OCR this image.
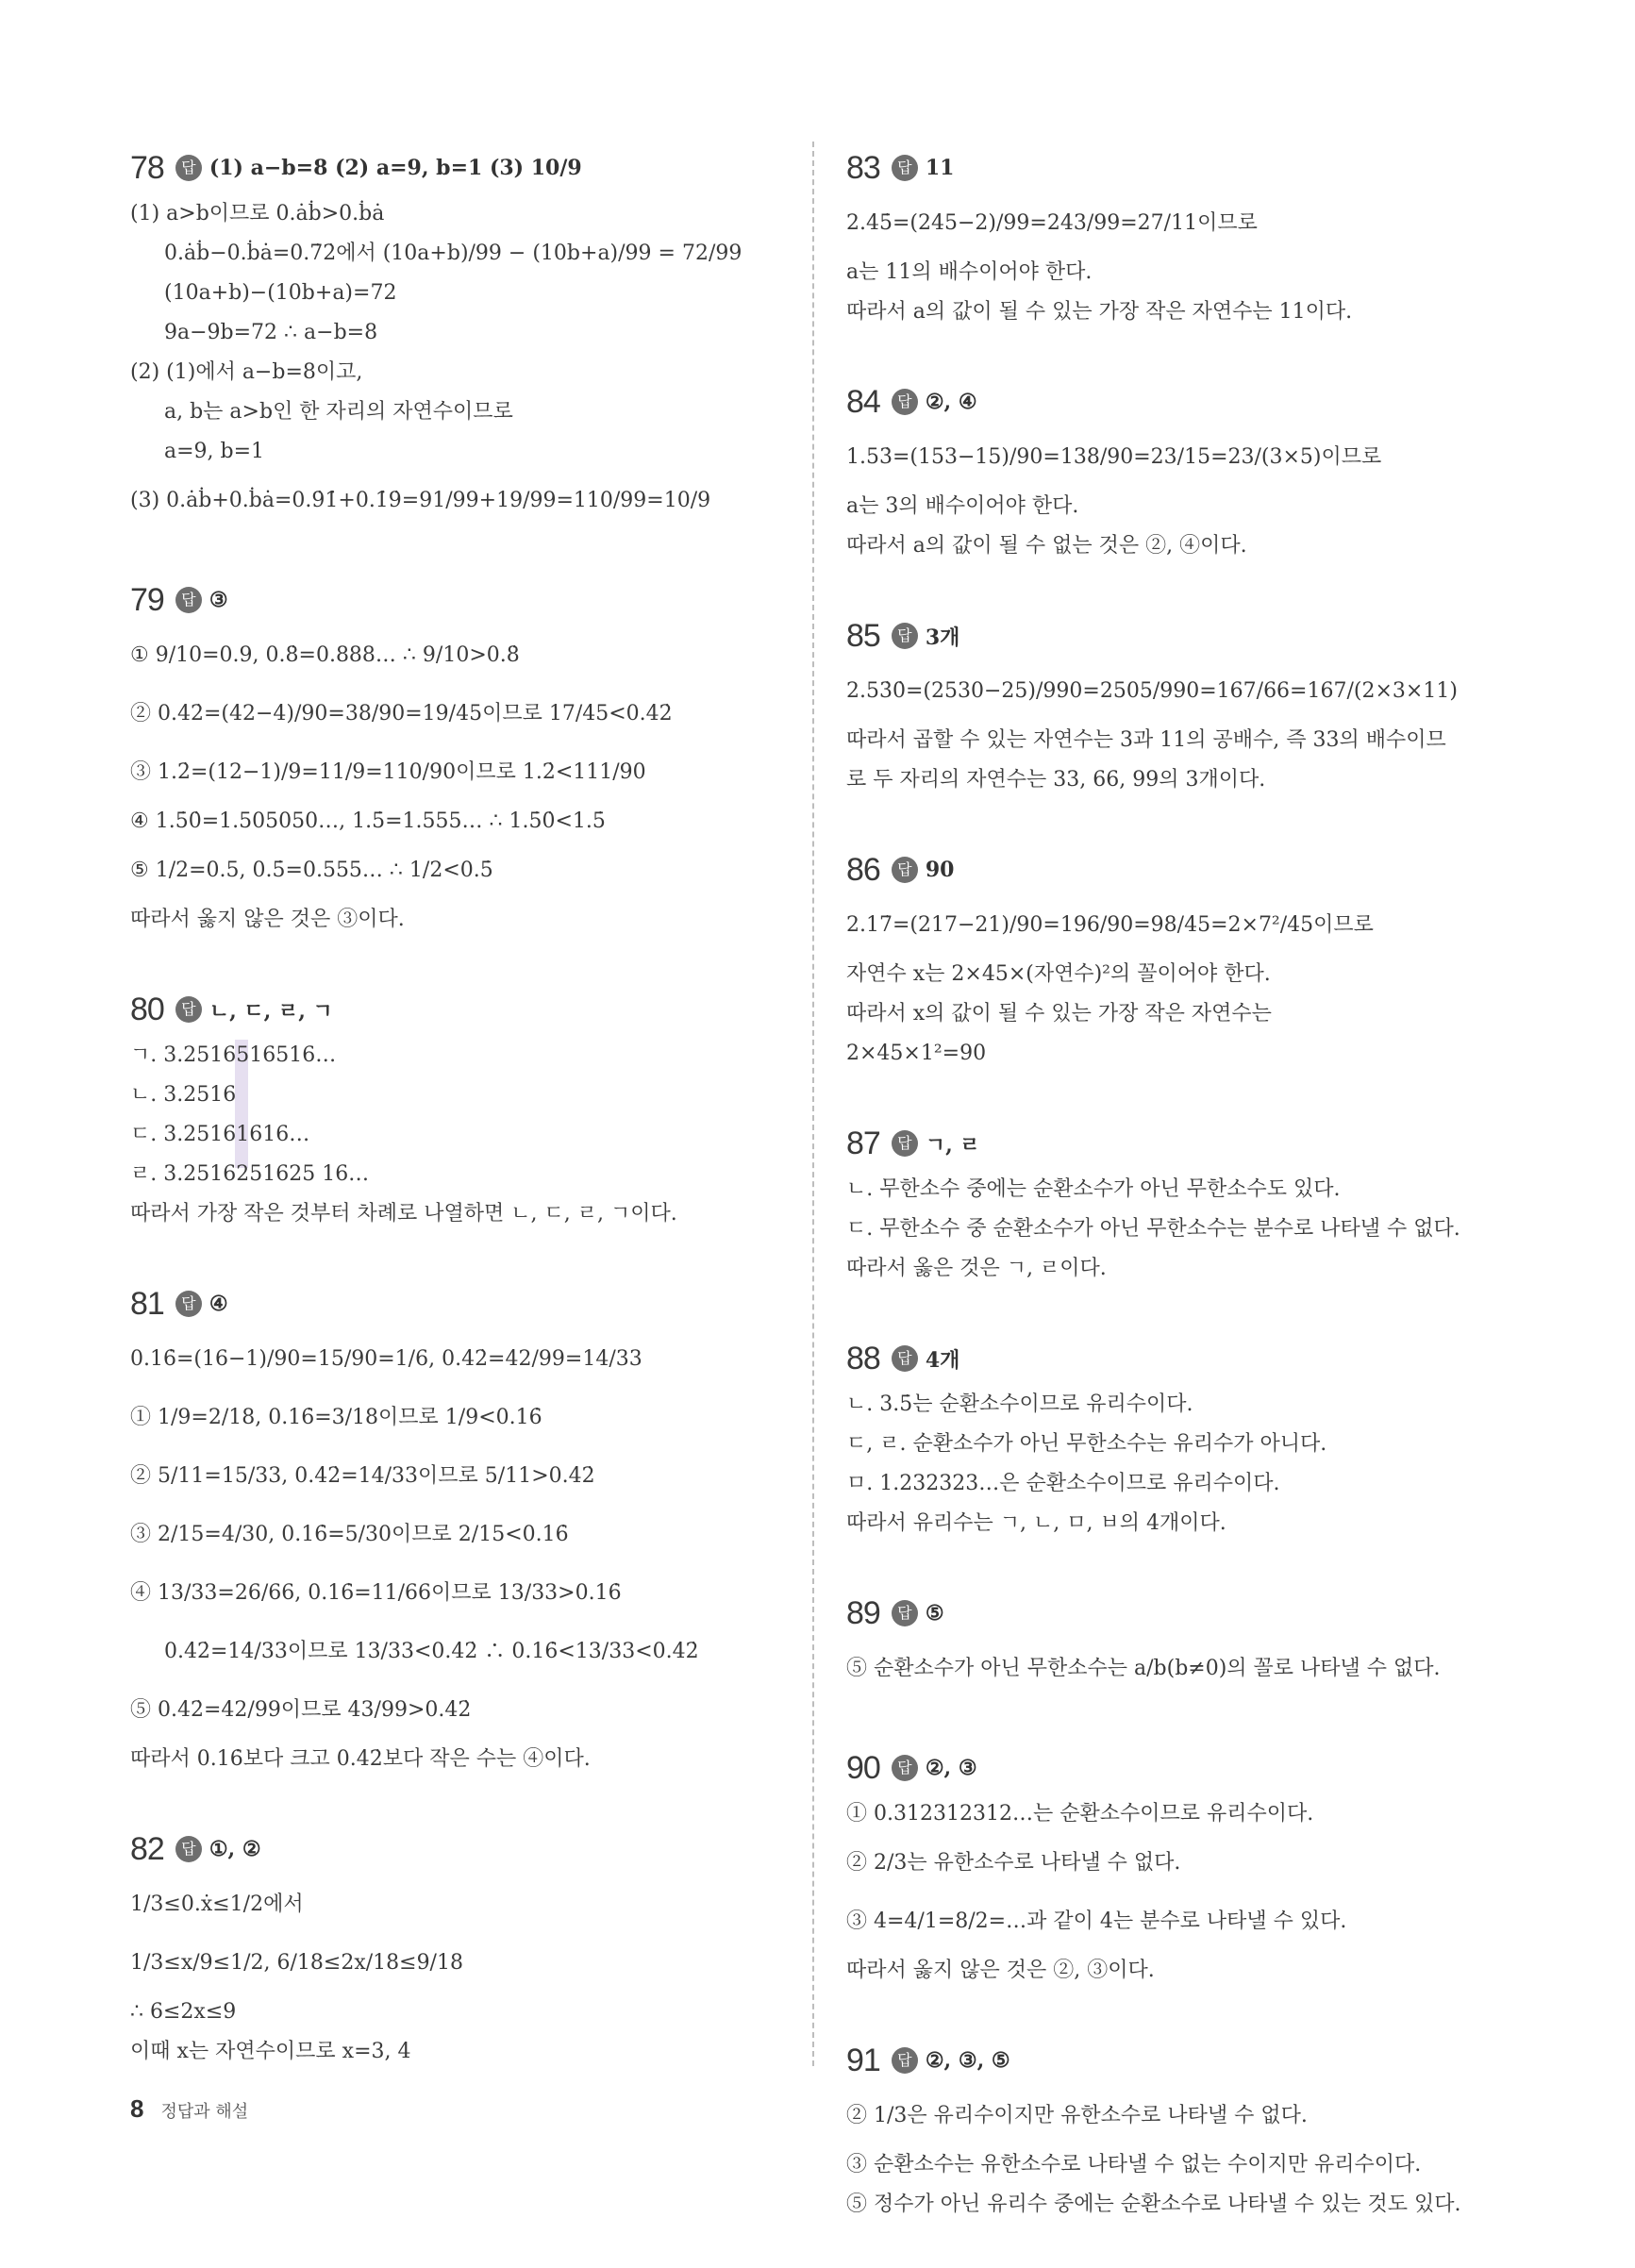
78	답 (1) a−b=8 (2) a=9, b=1 (3) 10/9
(1) a>b이므로 0.ȧḃ>0.ḃȧ
0.ȧḃ−0.ḃȧ=0.7̇2̇에서 (10a+b)/99 − (10b+a)/99 = 72/99
(10a+b)−(10b+a)=72
9a−9b=72 ∴ a−b=8
(2) (1)에서 a−b=8이고,
a, b는 a>b인 한 자리의 자연수이므로
a=9, b=1
(3) 0.ȧḃ+0.ḃȧ=0.9̇1̇+0.1̇9̇=91/99+19/99=110/99=10/9
79	답 ③
① 9/10=0.9, 0.8̇=0.888… ∴ 9/10>0.8̇
② 0.42̇=(42−4)/90=38/90=19/45이므로 17/45<0.42̇
③ 1.2̇=(12−1)/9=11/9=110/90이므로 1.2̇<111/90
④ 1.5̇0̇=1.505050…, 1.5̇=1.555… ∴ 1.5̇0̇<1.5̇
⑤ 1/2=0.5, 0.5̇=0.555… ∴ 1/2<0.5̇
따라서 옳지 않은 것은 ③이다.
80	답 ㄴ, ㄷ, ㄹ, ㄱ
ㄱ. 3.2516516516…
ㄴ. 3.2516
ㄷ. 3.25161616…
ㄹ. 3.2516251625 16…
따라서 가장 작은 것부터 차례로 나열하면 ㄴ, ㄷ, ㄹ, ㄱ이다.
81	답 ④
0.16̇=(16−1)/90=15/90=1/6, 0.4̇2̇=42/99=14/33
① 1/9=2/18, 0.16̇=3/18이므로 1/9<0.16̇
② 5/11=15/33, 0.4̇2̇=14/33이므로 5/11>0.4̇2̇
③ 2/15=4/30, 0.16̇=5/30이므로 2/15<0.16̇
④ 13/33=26/66, 0.16̇=11/66이므로 13/33>0.16̇
0.4̇2̇=14/33이므로 13/33<0.4̇2̇ ∴ 0.16̇<13/33<0.4̇2̇
⑤ 0.4̇2̇=42/99이므로 43/99>0.4̇2̇
따라서 0.16̇보다 크고 0.4̇2̇보다 작은 수는 ④이다.
82	답 ①, ②
1/3≤0.ẋ≤1/2에서
1/3≤x/9≤1/2, 6/18≤2x/18≤9/18
∴ 6≤2x≤9
이때 x는 자연수이므로 x=3, 4
83	답 11
2.4̇5̇=(245−2)/99=243/99=27/11이므로
a는 11의 배수이어야 한다.
따라서 a의 값이 될 수 있는 가장 작은 자연수는 11이다.
84	답 ②, ④
1.53̇=(153−15)/90=138/90=23/15=23/(3×5)이므로
a는 3의 배수이어야 한다.
따라서 a의 값이 될 수 없는 것은 ②, ④이다.
85	답 3개
2.53̇0̇=(2530−25)/990=2505/990=167/66=167/(2×3×11)
따라서 곱할 수 있는 자연수는 3과 11의 공배수, 즉 33의 배수이므
로 두 자리의 자연수는 33, 66, 99의 3개이다.
86	답 90
2.17̇=(217−21)/90=196/90=98/45=2×7²/45이므로
자연수 x는 2×45×(자연수)²의 꼴이어야 한다.
따라서 x의 값이 될 수 있는 가장 작은 자연수는
2×45×1²=90
87	답 ㄱ, ㄹ
ㄴ. 무한소수 중에는 순환소수가 아닌 무한소수도 있다.
ㄷ. 무한소수 중 순환소수가 아닌 무한소수는 분수로 나타낼 수 없다.
따라서 옳은 것은 ㄱ, ㄹ이다.
88	답 4개
ㄴ. 3.5̇는 순환소수이므로 유리수이다.
ㄷ, ㄹ. 순환소수가 아닌 무한소수는 유리수가 아니다.
ㅁ. 1.232323…은 순환소수이므로 유리수이다.
따라서 유리수는 ㄱ, ㄴ, ㅁ, ㅂ의 4개이다.
89	답 ⑤
⑤ 순환소수가 아닌 무한소수는 a/b(b≠0)의 꼴로 나타낼 수 없다.
90	답 ②, ③
① 0.312312312…는 순환소수이므로 유리수이다.
② 2/3는 유한소수로 나타낼 수 없다.
③ 4=4/1=8/2=…과 같이 4는 분수로 나타낼 수 있다.
따라서 옳지 않은 것은 ②, ③이다.
91	답 ②, ③, ⑤
② 1/3은 유리수이지만 유한소수로 나타낼 수 없다.
③ 순환소수는 유한소수로 나타낼 수 없는 수이지만 유리수이다.
⑤ 정수가 아닌 유리수 중에는 순환소수로 나타낼 수 있는 것도 있다.
8 정답과 해설
